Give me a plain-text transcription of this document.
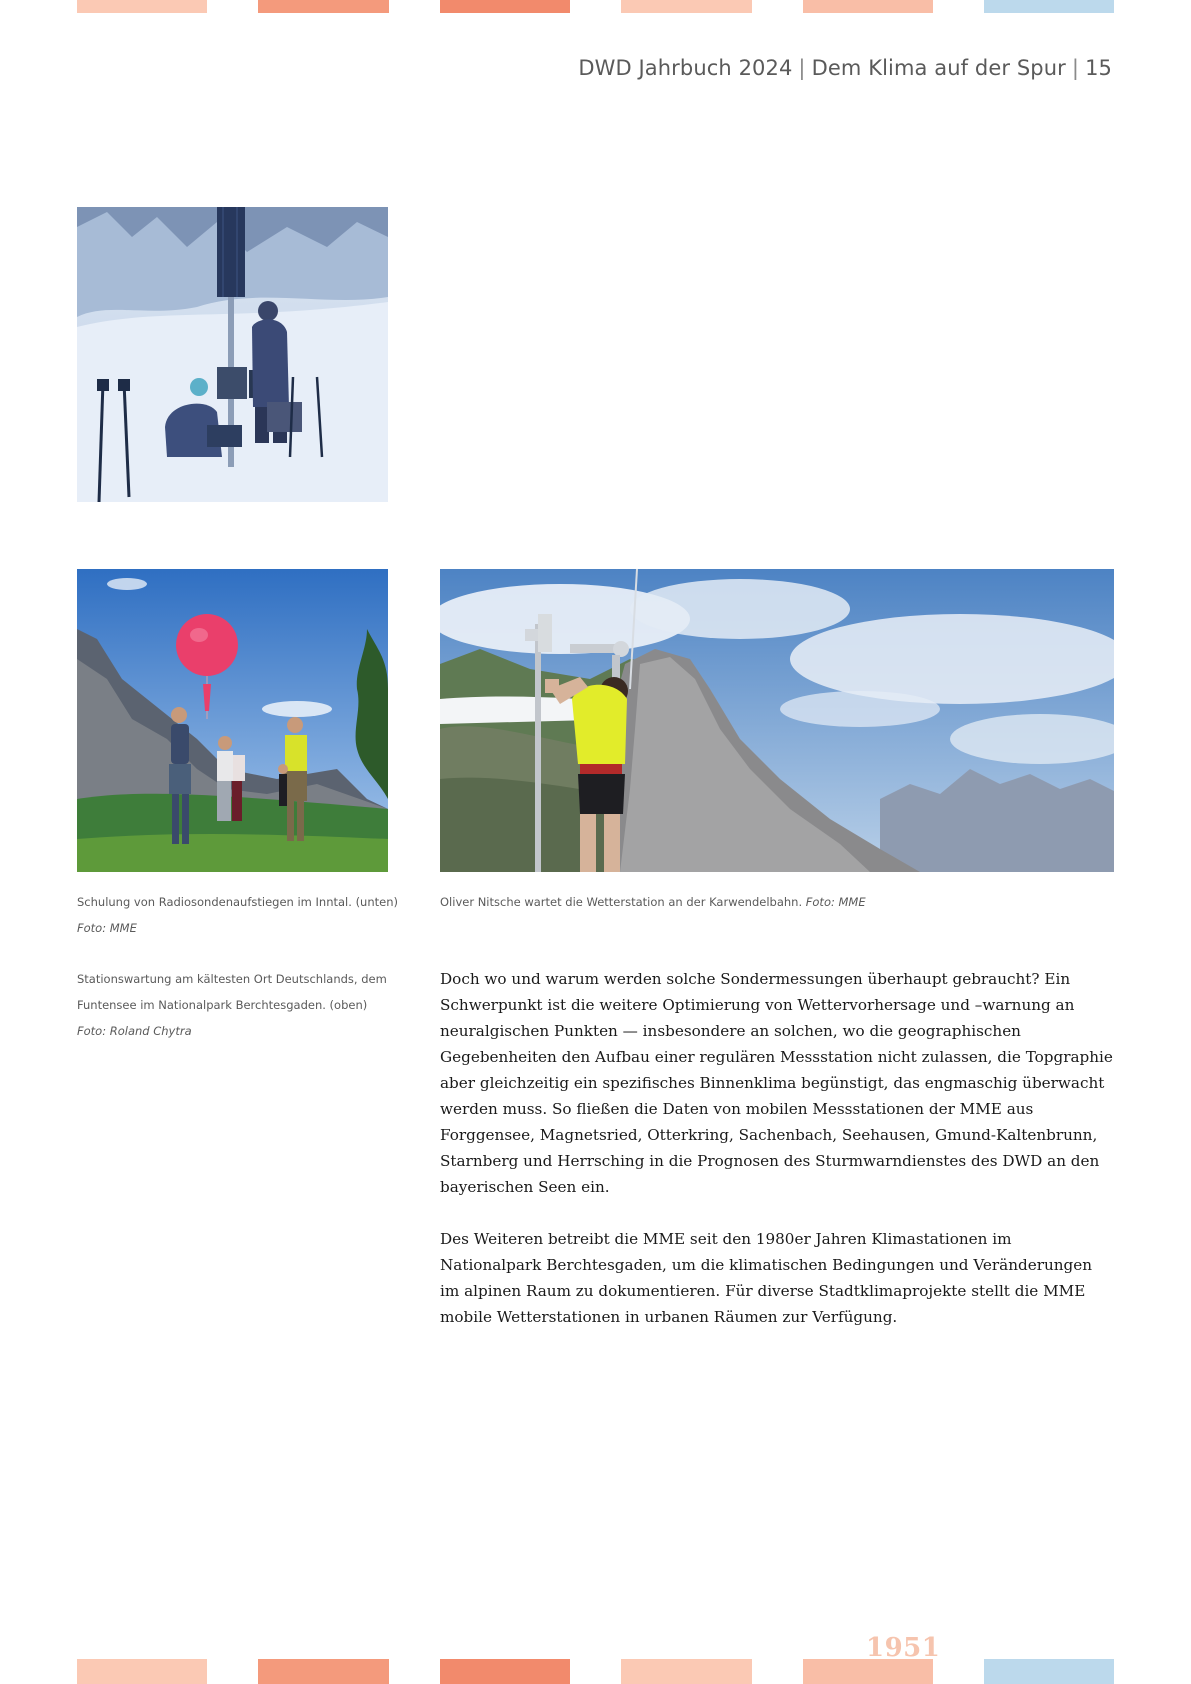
DWD Jahrbuch 2024 | Dem Klima auf der Spur | 15
Schulung von Radiosondenaufstiegen im Inntal. (unten)
Foto: MME
Stationswartung am kältesten Ort Deutschlands, dem
Funtensee im Nationalpark Berchtesgaden. (oben)
Foto: Roland Chytra
Oliver Nitsche wartet die Wetterstation an der Karwendelbahn. Foto: MME

Doch wo und warum werden solche Sondermessungen überhaupt gebraucht? Ein Schwerpunkt ist die weitere Optimierung von Wettervorhersage und –warnung an neuralgischen Punkten — insbesondere an solchen, wo die geographischen Gegebenheiten den Aufbau einer regulären Messstation nicht zulassen, die Topgraphie aber gleichzeitig ein spezifisches Binnenklima begünstigt, das engmaschig überwacht werden muss. So fließen die Daten von mobilen Messstationen der MME aus Forggensee, Magnetsried, Otterkring, Sachenbach, Seehausen, Gmund-Kaltenbrunn, Starnberg und Herrsching in die Prognosen des Sturmwarndienstes des DWD an den bayerischen Seen ein.

Des Weiteren betreibt die MME seit den 1980er Jahren Klimastationen im Nationalpark Berchtesgaden, um die klimatischen Bedingungen und Veränderungen im alpinen Raum zu dokumentieren. Für diverse Stadtklimaprojekte stellt die MME mobile Wetterstationen in urbanen Räumen zur Verfügung.

1951
